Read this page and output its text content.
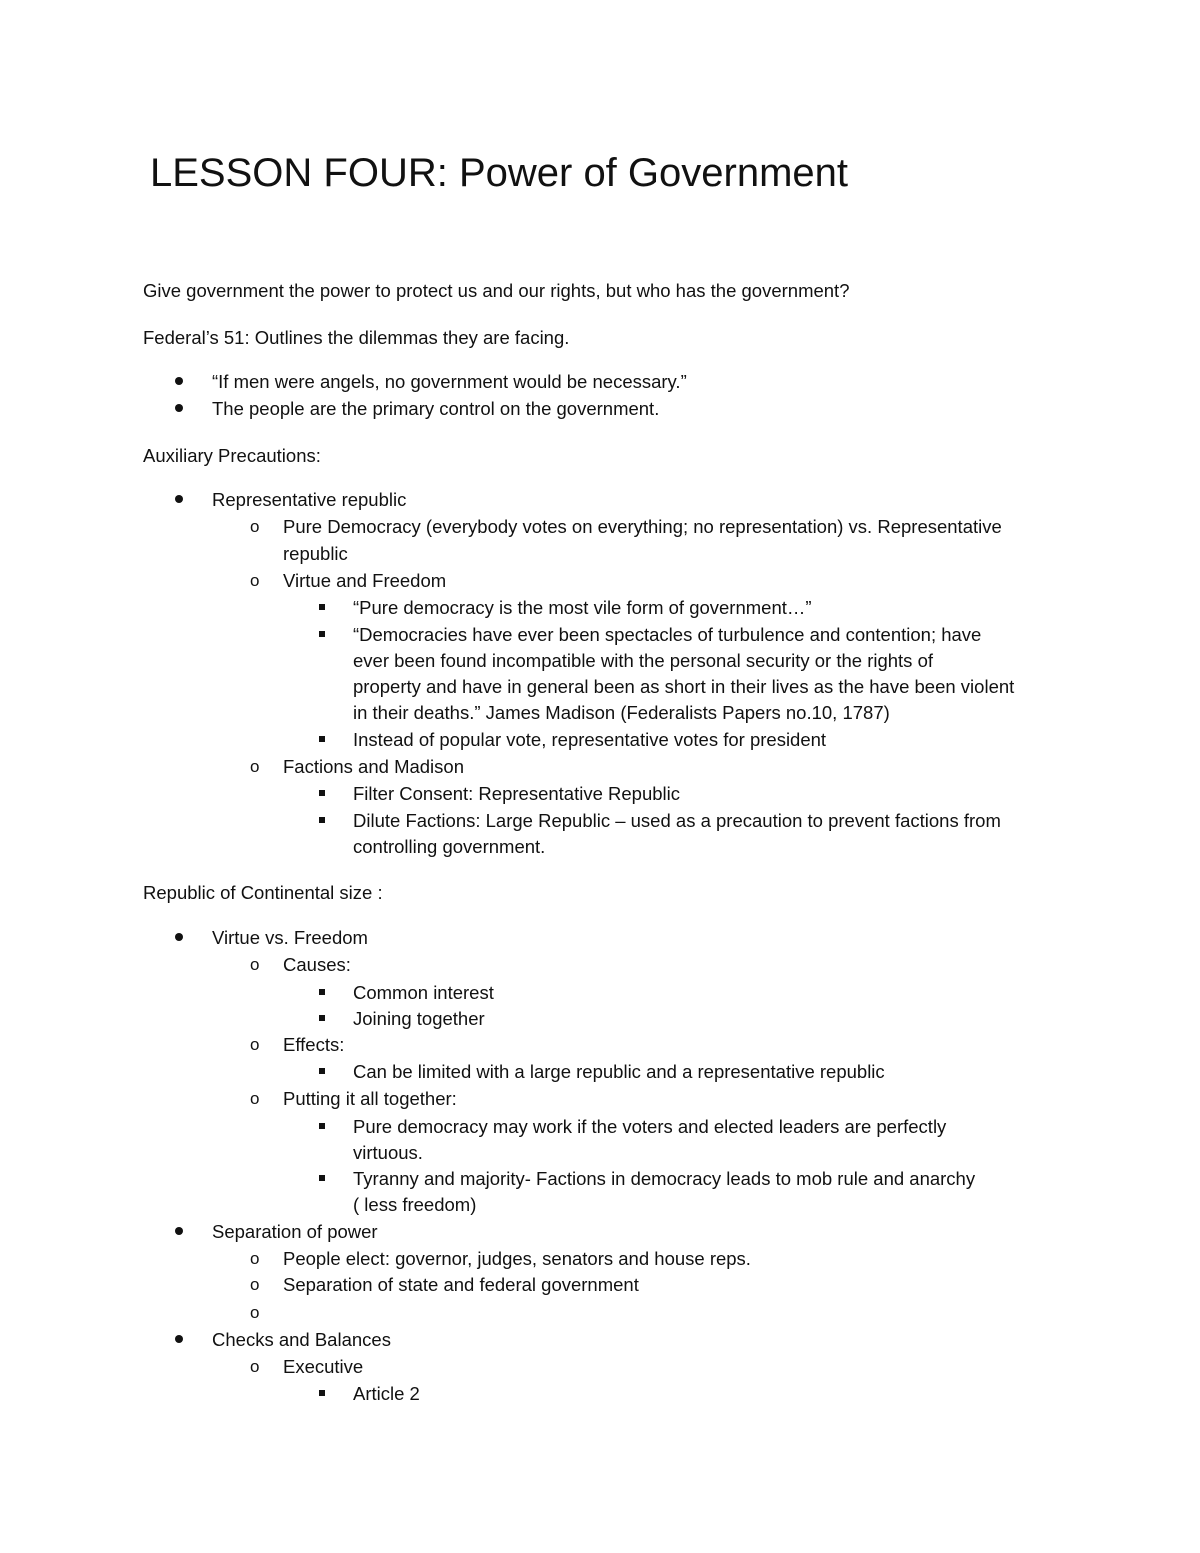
LESSON FOUR: Power of Government
Give government the power to protect us and our rights, but who has the government?
Federal’s 51: Outlines the dilemmas they are facing.
“If men were angels, no government would be necessary.”
The people are the primary control on the government.
Auxiliary Precautions:
Representative republic
o Pure Democracy (everybody votes on everything; no representation) vs. Representative
republic
o Virtue and Freedom
“Pure democracy is the most vile form of government…”
“Democracies have ever been spectacles of turbulence and contention; have
ever been found incompatible with the personal security or the rights of
property and have in general been as short in their lives as the have been violent
in their deaths.” James Madison (Federalists Papers no.10, 1787)
Instead of popular vote, representative votes for president
o Factions and Madison
Filter Consent: Representative Republic
Dilute Factions: Large Republic – used as a precaution to prevent factions from
controlling government.
Republic of Continental size :
Virtue vs. Freedom
o Causes:
Common interest
Joining together
o Effects:
Can be limited with a large republic and a representative republic
o Putting it all together:
Pure democracy may work if the voters and elected leaders are perfectly
virtuous.
Tyranny and majority- Factions in democracy leads to mob rule and anarchy
( less freedom)
Separation of power
o People elect: governor, judges, senators and house reps.
o Separation of state and federal government
o
Checks and Balances
o Executive
Article 2
